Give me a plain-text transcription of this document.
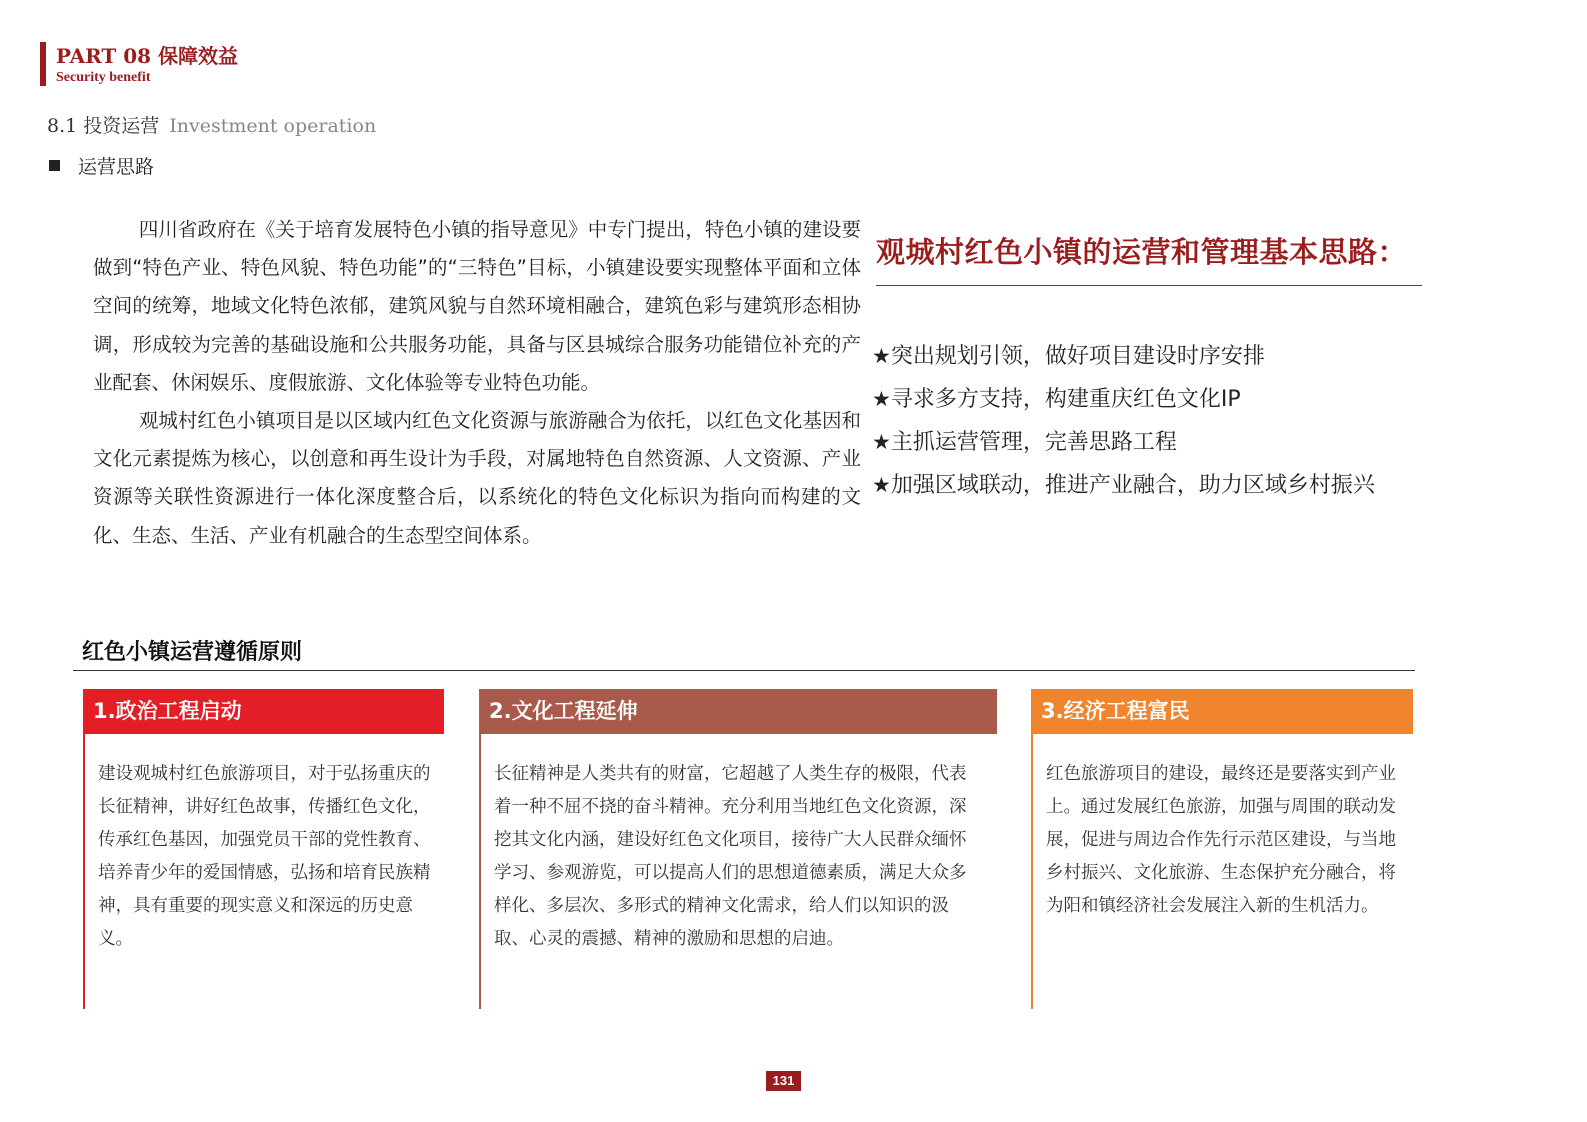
PART 08 保障效益
Security benefit
8.1 投资运营 Investment operation
运营思路

四川省政府在《关于培育发展特色小镇的指导意见》中专门提出，特色小镇的建设要做到“特色产业、特色风貌、特色功能”的“三特色”目标，小镇建设要实现整体平面和立体空间的统筹，地域文化特色浓郁，建筑风貌与自然环境相融合，建筑色彩与建筑形态相协调，形成较为完善的基础设施和公共服务功能，具备与区县城综合服务功能错位补充的产业配套、休闲娱乐、度假旅游、文化体验等专业特色功能。

观城村红色小镇项目是以区域内红色文化资源与旅游融合为依托，以红色文化基因和文化元素提炼为核心，以创意和再生设计为手段，对属地特色自然资源、人文资源、产业资源等关联性资源进行一体化深度整合后，以系统化的特色文化标识为指向而构建的文化、生态、生活、产业有机融合的生态型空间体系。

观城村红色小镇的运营和管理基本思路：
★突出规划引领，做好项目建设时序安排
★寻求多方支持，构建重庆红色文化IP
★主抓运营管理，完善思路工程
★加强区域联动，推进产业融合，助力区域乡村振兴
红色小镇运营遵循原则
1.政治工程启动
建设观城村红色旅游项目，对于弘扬重庆的长征精神，讲好红色故事，传播红色文化，传承红色基因，加强党员干部的党性教育、培养青少年的爱国情感，弘扬和培育民族精神，具有重要的现实意义和深远的历史意义。
2.文化工程延伸
长征精神是人类共有的财富，它超越了人类生存的极限，代表着一种不屈不挠的奋斗精神。充分利用当地红色文化资源，深挖其文化内涵，建设好红色文化项目，接待广大人民群众缅怀学习、参观游览，可以提高人们的思想道德素质，满足大众多样化、多层次、多形式的精神文化需求，给人们以知识的汲取、心灵的震撼、精神的激励和思想的启迪。
3.经济工程富民
红色旅游项目的建设，最终还是要落实到产业上。通过发展红色旅游，加强与周围的联动发展，促进与周边合作先行示范区建设，与当地乡村振兴、文化旅游、生态保护充分融合，将为阳和镇经济社会发展注入新的生机活力。
131
